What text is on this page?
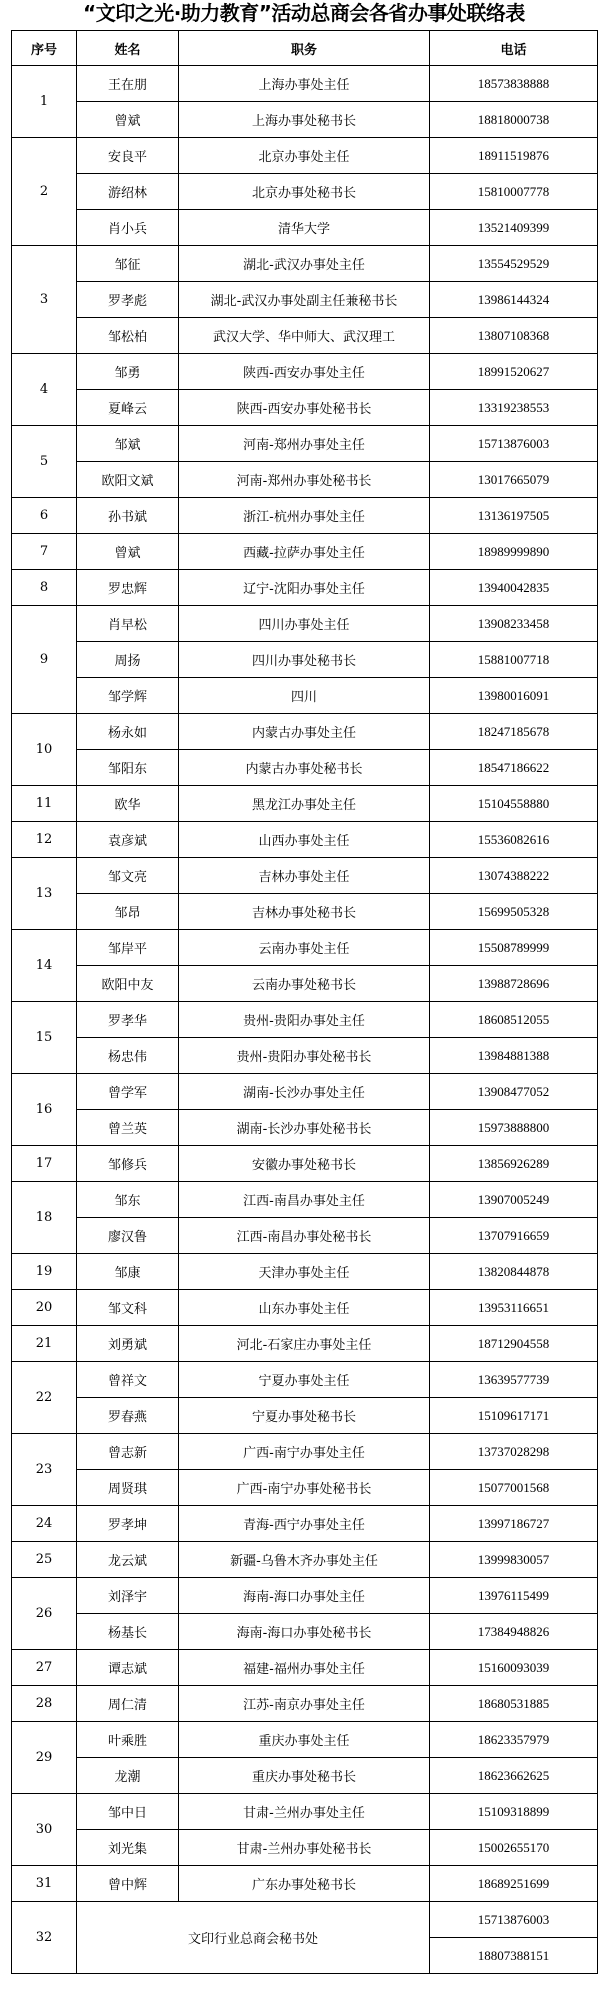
“文印之光·助力教育”活动总商会各省办事处联络表
序号	姓名	职务	电话
1	王在朋	上海办事处主任	18573838888
	曾斌	上海办事处秘书长	18818000738
2	安良平	北京办事处主任	18911519876
	游绍林	北京办事处秘书长	15810007778
	肖小兵	清华大学	13521409399
3	邹征	湖北-武汉办事处主任	13554529529
	罗孝彪	湖北-武汉办事处副主任兼秘书长	13986144324
	邹松柏	武汉大学、华中师大、武汉理工	13807108368
4	邹勇	陕西-西安办事处主任	18991520627
	夏峰云	陕西-西安办事处秘书长	13319238553
5	邹斌	河南-郑州办事处主任	15713876003
	欧阳文斌	河南-郑州办事处秘书长	13017665079
6	孙书斌	浙江-杭州办事处主任	13136197505
7	曾斌	西藏-拉萨办事处主任	18989999890
8	罗忠辉	辽宁-沈阳办事处主任	13940042835
9	肖早松	四川办事处主任	13908233458
	周扬	四川办事处秘书长	15881007718
	邹学辉	四川	13980016091
10	杨永如	内蒙古办事处主任	18247185678
	邹阳东	内蒙古办事处秘书长	18547186622
11	欧华	黑龙江办事处主任	15104558880
12	袁彦斌	山西办事处主任	15536082616
13	邹文亮	吉林办事处主任	13074388222
	邹昂	吉林办事处秘书长	15699505328
14	邹岸平	云南办事处主任	15508789999
	欧阳中友	云南办事处秘书长	13988728696
15	罗孝华	贵州-贵阳办事处主任	18608512055
	杨忠伟	贵州-贵阳办事处秘书长	13984881388
16	曾学军	湖南-长沙办事处主任	13908477052
	曾兰英	湖南-长沙办事处秘书长	15973888800
17	邹修兵	安徽办事处秘书长	13856926289
18	邹东	江西-南昌办事处主任	13907005249
	廖汉鲁	江西-南昌办事处秘书长	13707916659
19	邹康	天津办事处主任	13820844878
20	邹文科	山东办事处主任	13953116651
21	刘勇斌	河北-石家庄办事处主任	18712904558
22	曾祥文	宁夏办事处主任	13639577739
	罗春燕	宁夏办事处秘书长	15109617171
23	曾志新	广西-南宁办事处主任	13737028298
	周贤琪	广西-南宁办事处秘书长	15077001568
24	罗孝坤	青海-西宁办事处主任	13997186727
25	龙云斌	新疆-乌鲁木齐办事处主任	13999830057
26	刘泽宇	海南-海口办事处主任	13976115499
	杨基长	海南-海口办事处秘书长	17384948826
27	谭志斌	福建-福州办事处主任	15160093039
28	周仁清	江苏-南京办事处主任	18680531885
29	叶乘胜	重庆办事处主任	18623357979
	龙潮	重庆办事处秘书长	18623662625
30	邹中日	甘肃-兰州办事处主任	15109318899
	刘光集	甘肃-兰州办事处秘书长	15002655170
31	曾中辉	广东办事处秘书长	18689251699
32	文印行业总商会秘书处		15713876003
			18807388151
